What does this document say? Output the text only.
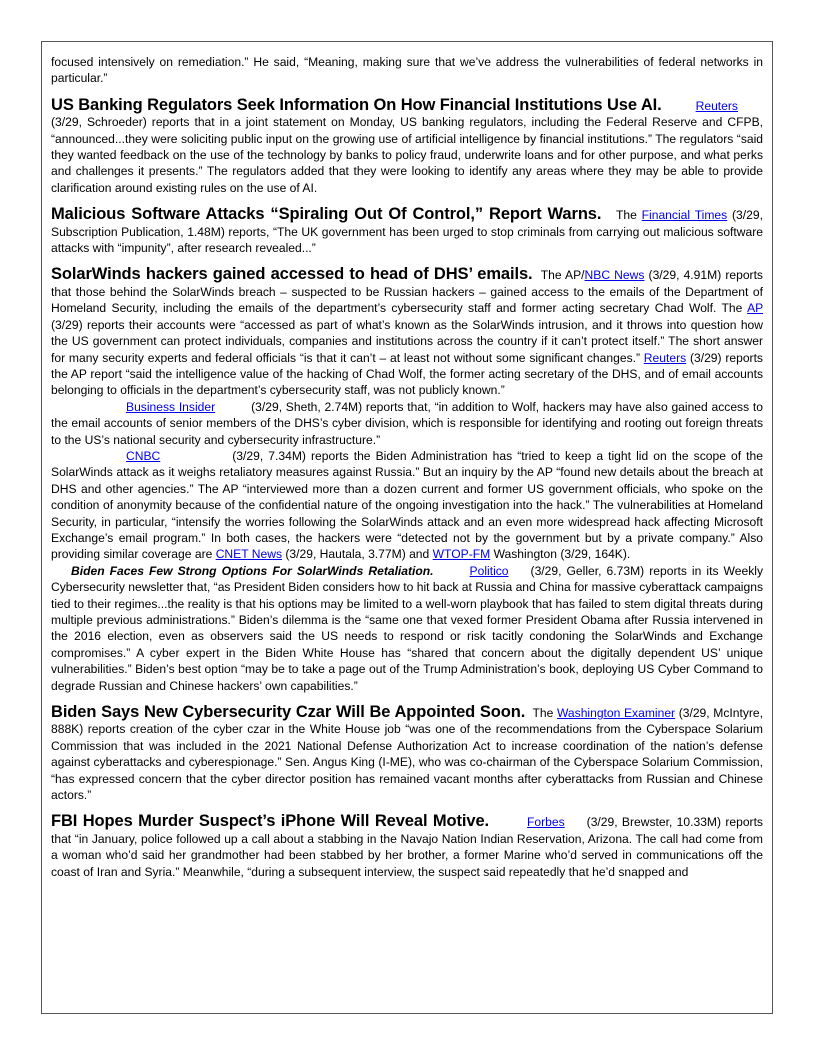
focused intensively on remediation.” He said, “Meaning, making sure that we’ve address the vulnerabilities of federal networks in particular.”

US Banking Regulators Seek Information On How Financial Institutions Use AI.	Reuters
(3/29, Schroeder) reports that in a joint statement on Monday, US banking regulators, including the Federal Reserve and CFPB, “announced...they were soliciting public input on the growing use of artificial intelligence by financial institutions.” The regulators “said they wanted feedback on the use of the technology by banks to policy fraud, underwrite loans and for other purpose, and what perks and challenges it presents.” The regulators added that they were looking to identify any areas where they may be able to provide clarification around existing rules on the use of AI.

Malicious Software Attacks “Spiraling Out Of Control,” Report Warns. The Financial Times (3/29, Subscription Publication, 1.48M) reports, “The UK government has been urged to stop criminals from carrying out malicious software attacks with “impunity”, after research revealed...”

SolarWinds hackers gained accessed to head of DHS’ emails. The AP/NBC News (3/29, 4.91M) reports that those behind the SolarWinds breach – suspected to be Russian hackers – gained access to the emails of the Department of Homeland Security, including the emails of the department’s cybersecurity staff and former acting secretary Chad Wolf. The AP (3/29) reports their accounts were “accessed as part of what’s known as the SolarWinds intrusion, and it throws into question how the US government can protect individuals, companies and institutions across the country if it can’t protect itself.” The short answer for many security experts and federal officials “is that it can’t – at least not without some significant changes.” Reuters (3/29) reports the AP report “said the intelligence value of the hacking of Chad Wolf, the former acting secretary of the DHS, and of email accounts belonging to officials in the department’s cybersecurity staff, was not publicly known.”

Business Insider	(3/29, Sheth, 2.74M) reports that, “in addition to Wolf, hackers may have also gained access to the email accounts of senior members of the DHS’s cyber division, which is responsible for identifying and rooting out foreign threats to the US’s national security and cybersecurity infrastructure.”

CNBC	(3/29, 7.34M) reports the Biden Administration has “tried to keep a tight lid on the scope of the SolarWinds attack as it weighs retaliatory measures against Russia.” But an inquiry by the AP “found new details about the breach at DHS and other agencies.” The AP “interviewed more than a dozen current and former US government officials, who spoke on the condition of anonymity because of the confidential nature of the ongoing investigation into the hack.” The vulnerabilities at Homeland Security, in particular, “intensify the worries following the SolarWinds attack and an even more widespread hack affecting Microsoft Exchange’s email program.” In both cases, the hackers were “detected not by the government but by a private company.” Also providing similar coverage are CNET News (3/29, Hautala, 3.77M) and WTOP-FM Washington (3/29, 164K).

Biden Faces Few Strong Options For SolarWinds Retaliation.	Politico (3/29, Geller, 6.73M) reports in its Weekly Cybersecurity newsletter that, “as President Biden considers how to hit back at Russia and China for massive cyberattack campaigns tied to their regimes...the reality is that his options may be limited to a well-worn playbook that has failed to stem digital threats during multiple previous administrations.” Biden’s dilemma is the “same one that vexed former President Obama after Russia intervened in the 2016 election, even as observers said the US needs to respond or risk tacitly condoning the SolarWinds and Exchange compromises.” A cyber expert in the Biden White House has “shared that concern about the digitally dependent US’ unique vulnerabilities.” Biden’s best option “may be to take a page out of the Trump Administration’s book, deploying US Cyber Command to degrade Russian and Chinese hackers’ own capabilities.”

Biden Says New Cybersecurity Czar Will Be Appointed Soon. The Washington Examiner (3/29, McIntyre, 888K) reports creation of the cyber czar in the White House job “was one of the recommendations from the Cyberspace Solarium Commission that was included in the 2021 National Defense Authorization Act to increase coordination of the nation’s defense against cyberattacks and cyberespionage.” Sen. Angus King (I-ME), who was co-chairman of the Cyberspace Solarium Commission, “has expressed concern that the cyber director position has remained vacant months after cyberattacks from Russian and Chinese actors.”

FBI Hopes Murder Suspect’s iPhone Will Reveal Motive.	Forbes (3/29, Brewster, 10.33M) reports that “in January, police followed up a call about a stabbing in the Navajo Nation Indian Reservation, Arizona. The call had come from a woman who’d said her grandmother had been stabbed by her brother, a former Marine who’d served in communications off the coast of Iran and Syria.” Meanwhile, “during a subsequent interview, the suspect said repeatedly that he’d snapped and
